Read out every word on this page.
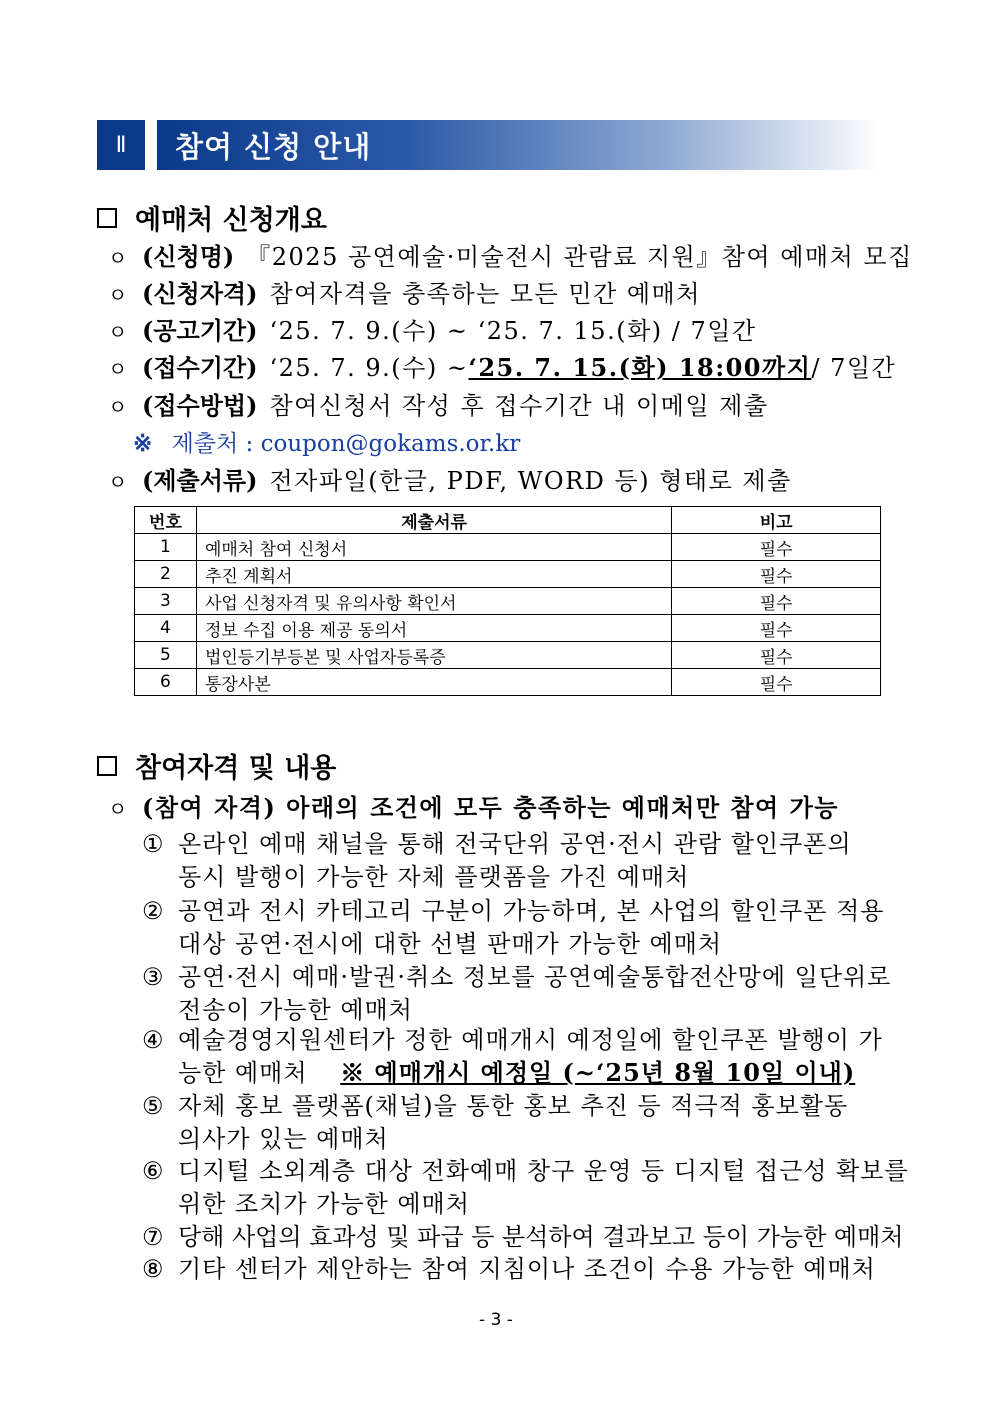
Ⅱ	참여 신청 안내
예매처 신청개요
ㅇ (신청명) 『2025 공연예술·미술전시 관람료 지원』참여 예매처 모집
ㅇ (신청자격) 참여자격을 충족하는 모든 민간 예매처
ㅇ (공고기간) ‘25. 7. 9.(수) ~ ‘25. 7. 15.(화) / 7일간
ㅇ (접수기간) ‘25. 7. 9.(수) ~ ‘25. 7. 15.(화) 18:00까지 / 7일간
ㅇ (접수방법) 참여신청서 작성 후 접수기간 내 이메일 제출
※ 제출처 : coupon@gokams.or.kr
ㅇ (제출서류) 전자파일(한글, PDF, WORD 등) 형태로 제출
번호	제출서류	비고
1	예매처 참여 신청서	필수
2	추진 계획서	필수
3	사업 신청자격 및 유의사항 확인서	필수
4	정보 수집 이용 제공 동의서	필수
5	법인등기부등본 및 사업자등록증	필수
6	통장사본	필수
참여자격 및 내용
ㅇ (참여 자격) 아래의 조건에 모두 충족하는 예매처만 참여 가능
① 온라인 예매 채널을 통해 전국단위 공연·전시 관람 할인쿠폰의
동시 발행이 가능한 자체 플랫폼을 가진 예매처
② 공연과 전시 카테고리 구분이 가능하며, 본 사업의 할인쿠폰 적용
대상 공연·전시에 대한 선별 판매가 가능한 예매처
③ 공연·전시 예매·발권·취소 정보를 공연예술통합전산망에 일단위로
전송이 가능한 예매처
④ 예술경영지원센터가 정한 예매개시 예정일에 할인쿠폰 발행이 가
능한 예매처 ※ 예매개시 예정일 (~‘25년 8월 10일 이내)
⑤ 자체 홍보 플랫폼(채널)을 통한 홍보 추진 등 적극적 홍보활동
의사가 있는 예매처
⑥ 디지털 소외계층 대상 전화예매 창구 운영 등 디지털 접근성 확보를
위한 조치가 가능한 예매처
⑦ 당해 사업의 효과성 및 파급 등 분석하여 결과보고 등이 가능한 예매처
⑧ 기타 센터가 제안하는 참여 지침이나 조건이 수용 가능한 예매처
- 3 -
